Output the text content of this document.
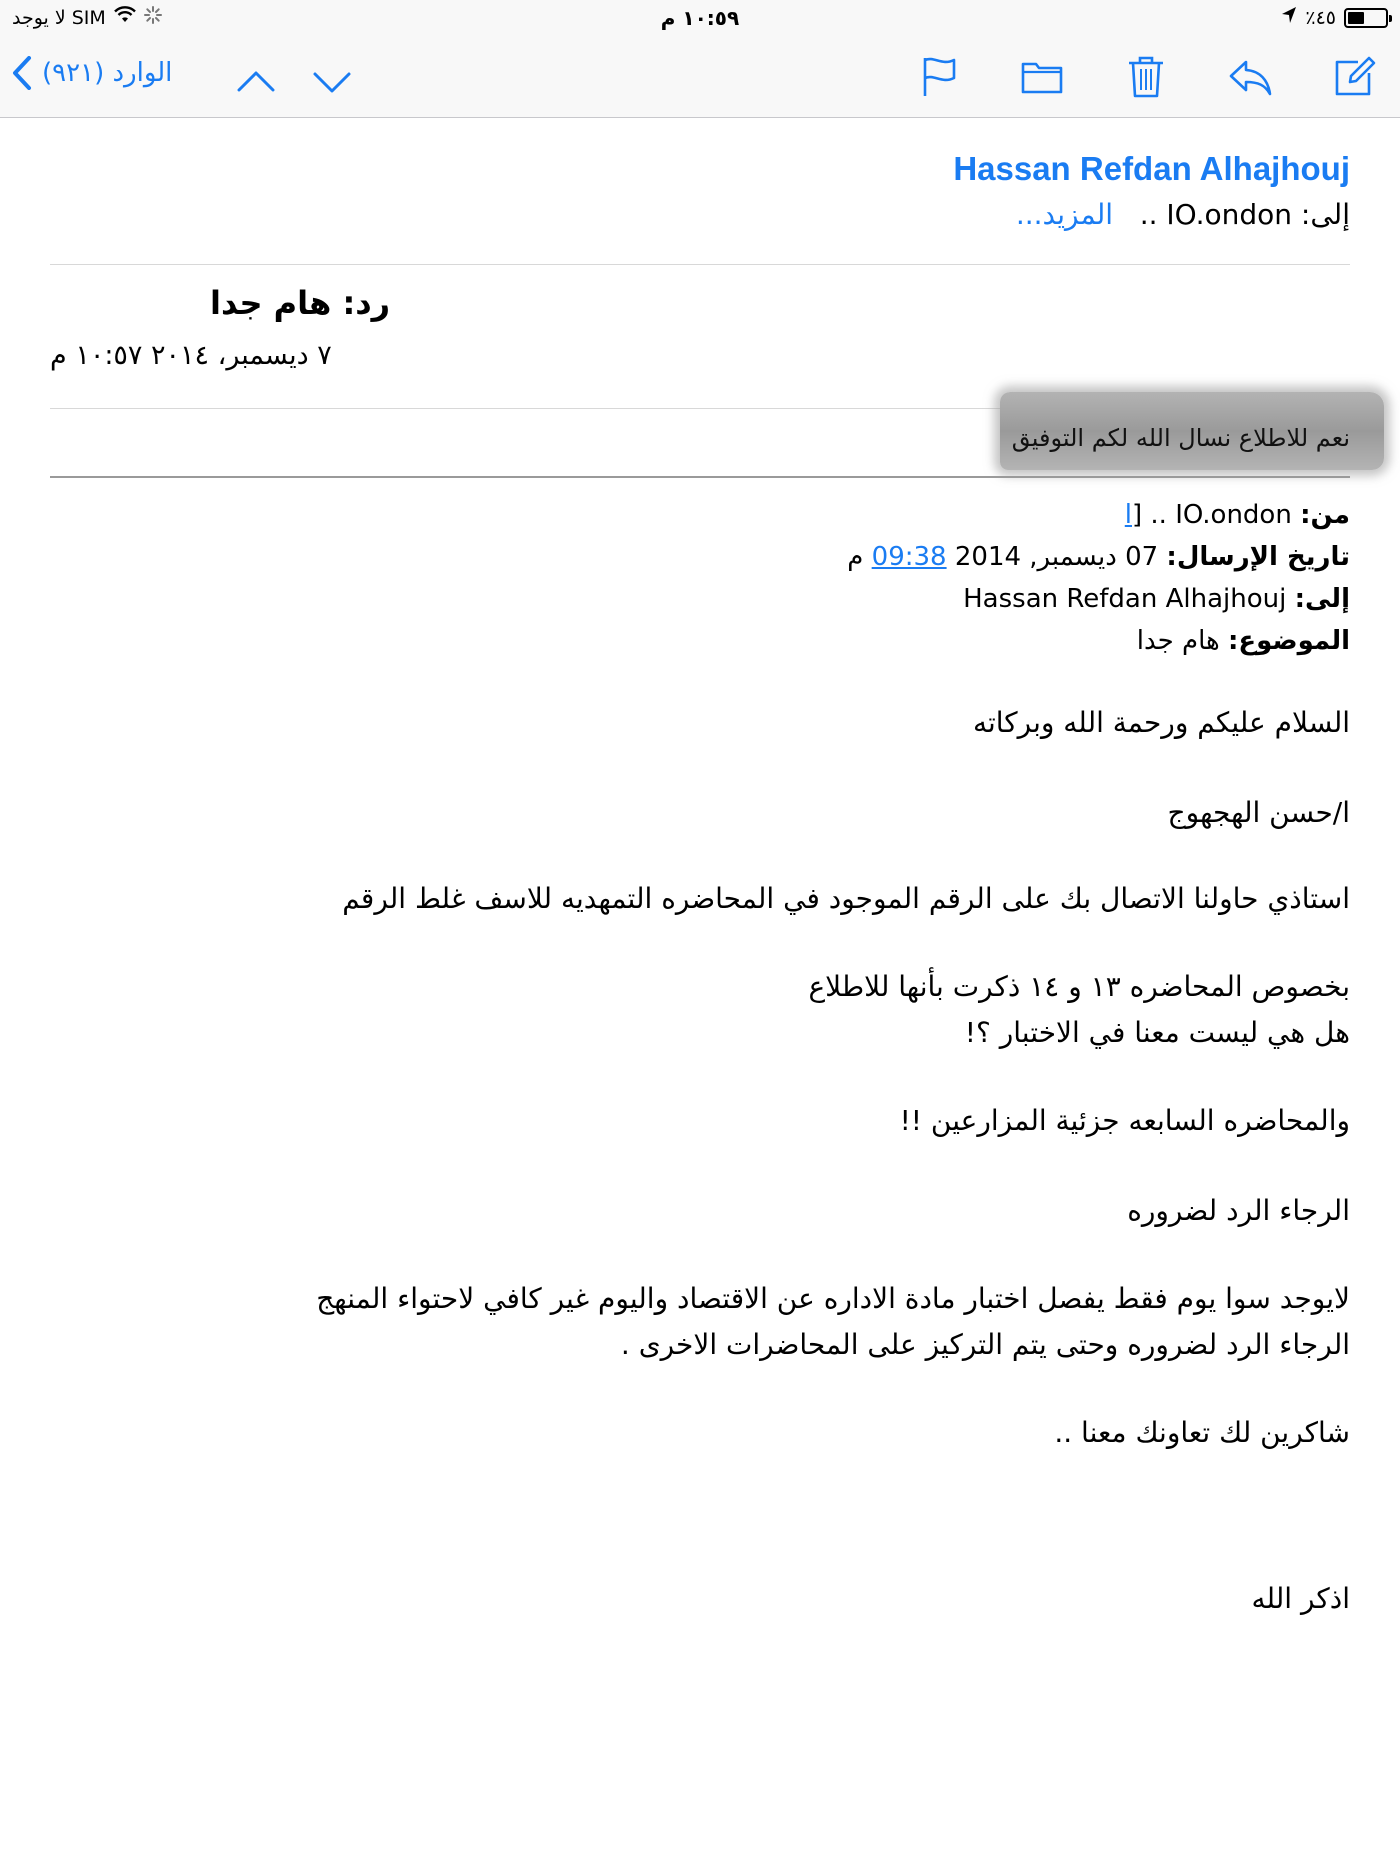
لا يوجد SIM	١٠:٥٩ م	٪٤٥
الوارد (٩٢١)
Hassan Refdan Alhajhouj
إلى: IO.ondon ..   المزيد...
رد: هام جدا
٧ ديسمبر، ٢٠١٤ ١٠:٥٧ م
نعم للاطلاع نسال الله لكم التوفيق
من: IO.ondon .. [ا
تاريخ الإرسال: 07 ديسمبر, 2014 09:38 م
إلى: Hassan Refdan Alhajhouj
الموضوع: هام جدا
السلام عليكم ورحمة الله وبركاته
ا/حسن الهجهوج
استاذي حاولنا الاتصال بك على الرقم الموجود في المحاضره التمهديه للاسف غلط الرقم
بخصوص المحاضره ١٣ و ١٤ ذكرت بأنها للاطلاع
هل هي ليست معنا في الاختبار ؟!
والمحاضره السابعه جزئية المزارعين !!
الرجاء الرد لضروره
لايوجد سوا يوم فقط يفصل اختبار مادة الاداره عن الاقتصاد واليوم غير كافي لاحتواء المنهج
الرجاء الرد لضروره وحتى يتم التركيز على المحاضرات الاخرى .
شاكرين لك تعاونك معنا ..
اذكر الله
